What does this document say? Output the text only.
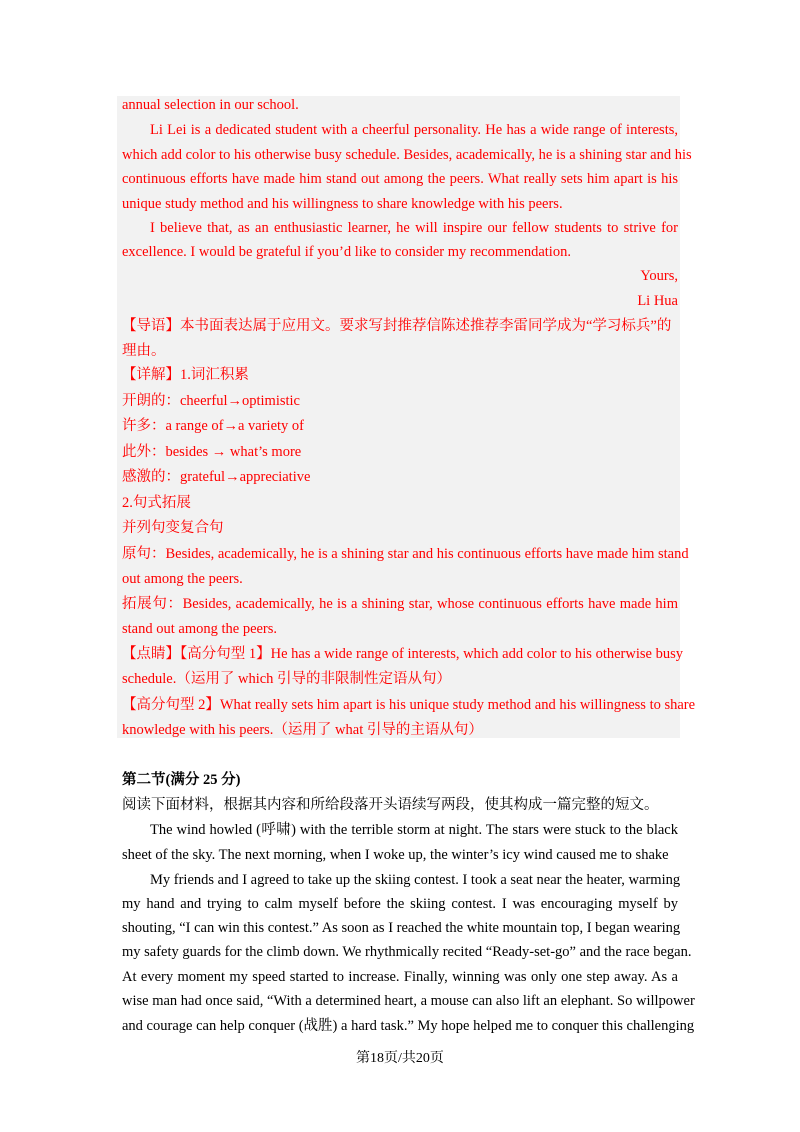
annual selection in our school.
Li Lei is a dedicated student with a cheerful personality. He has a wide range of interests,
which add color to his otherwise busy schedule. Besides, academically, he is a shining star and his
continuous efforts have made him stand out among the peers. What really sets him apart is his
unique study method and his willingness to share knowledge with his peers.
I believe that, as an enthusiastic learner, he will inspire our fellow students to strive for
excellence. I would be grateful if you’d like to consider my recommendation.
Yours,
Li Hua
【导语】本书面表达属于应用文。要求写封推荐信陈述推荐李雷同学成为“学习标兵”的
理由。
【详解】1.词汇积累
开朗的：cheerful→optimistic
许多：a range of→a variety of
此外：besides → what’s more
感激的：grateful→appreciative
2.句式拓展
并列句变复合句
原句：Besides, academically, he is a shining star and his continuous efforts have made him stand
out among the peers.
拓展句：Besides, academically, he is a shining star, whose continuous efforts have made him
stand out among the peers.
【点睛】【高分句型 1】He has a wide range of interests, which add color to his otherwise busy
schedule.（运用了 which 引导的非限制性定语从句）
【高分句型 2】What really sets him apart is his unique study method and his willingness to share
knowledge with his peers.（运用了 what 引导的主语从句）
第二节(满分 25 分)
阅读下面材料，根据其内容和所给段落开头语续写两段，使其构成一篇完整的短文。
The wind howled (呼啸) with the terrible storm at night. The stars were stuck to the black
sheet of the sky. The next morning, when I woke up, the winter’s icy wind caused me to shake
My friends and I agreed to take up the skiing contest. I took a seat near the heater, warming
my hand and trying to calm myself before the skiing contest. I was encouraging myself by
shouting, “I can win this contest.” As soon as I reached the white mountain top, I began wearing
my safety guards for the climb down. We rhythmically recited “Ready-set-go” and the race began.
At every moment my speed started to increase. Finally, winning was only one step away. As a
wise man had once said, “With a determined heart, a mouse can also lift an elephant. So willpower
and courage can help conquer (战胜) a hard task.” My hope helped me to conquer this challenging
第18页/共20页
